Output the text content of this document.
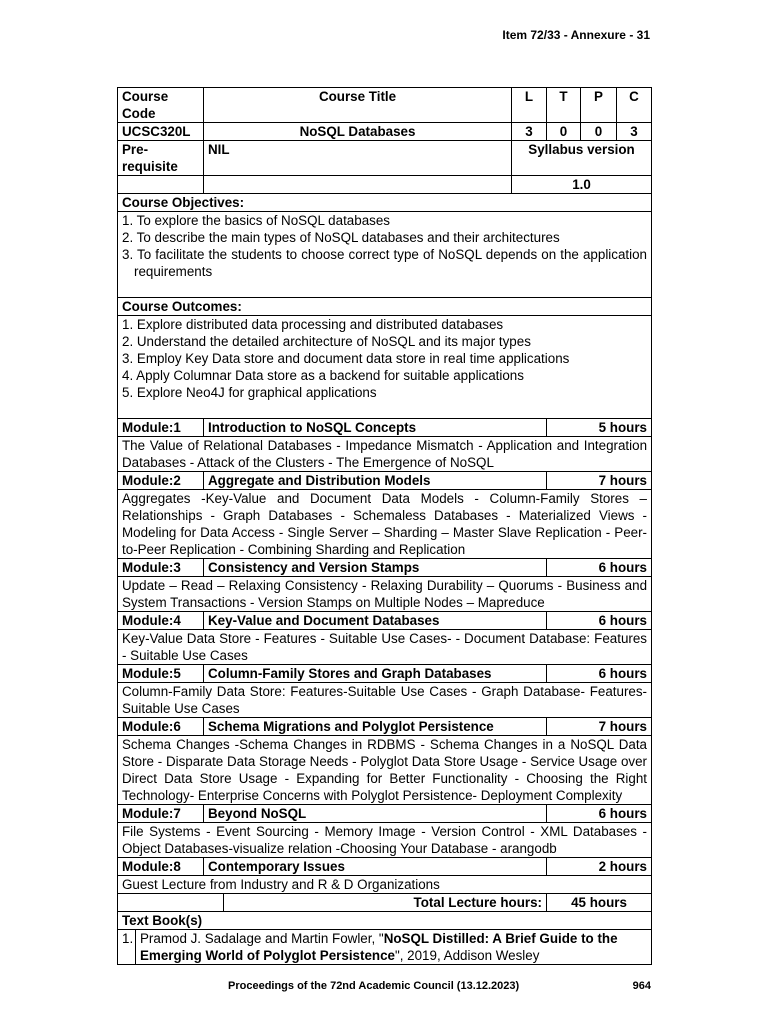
Item 72/33 - Annexure - 31
Course Code		Course Title		L	T	P	C
UCSC320L		NoSQL Databases		3	0	0	3
Pre-requisite		NIL		Syllabus version			
				1.0			
Course Objectives:							

1. To explore the basics of NoSQL databases
2. To describe the main types of NoSQL databases and their architectures
3. To facilitate the students to choose correct type of NoSQL depends on the application requirements							

Course Outcomes:							

1. Explore distributed data processing and distributed databases
2. Understand the detailed architecture of NoSQL and its major types
3. Employ Key Data store and document data store in real time applications
4. Apply Columnar Data store as a backend for suitable applications
5. Explore Neo4J for graphical applications							

Module:1		Introduction to NoSQL Concepts			5 hours		
The Value of Relational Databases - Impedance Mismatch - Application and Integration Databases - Attack of the Clusters - The Emergence of NoSQL							
Module:2		Aggregate and Distribution Models			7 hours		
Aggregates -Key-Value and Document Data Models - Column-Family Stores – Relationships - Graph Databases - Schemaless Databases - Materialized Views - Modeling for Data Access - Single Server – Sharding – Master Slave Replication - Peer-to-Peer Replication - Combining Sharding and Replication							
Module:3		Consistency and Version Stamps			6 hours		
Update – Read – Relaxing Consistency - Relaxing Durability – Quorums - Business and System Transactions - Version Stamps on Multiple Nodes – Mapreduce							
Module:4		Key-Value and Document Databases			6 hours		
Key-Value Data Store - Features - Suitable Use Cases- - Document Database: Features - Suitable Use Cases							
Module:5		Column-Family Stores and Graph Databases			6 hours		
Column-Family Data Store: Features-Suitable Use Cases - Graph Database- Features- Suitable Use Cases							
Module:6		Schema Migrations and Polyglot Persistence			7 hours		
Schema Changes -Schema Changes in RDBMS - Schema Changes in a NoSQL Data Store - Disparate Data Storage Needs - Polyglot Data Store Usage - Service Usage over Direct Data Store Usage - Expanding for Better Functionality - Choosing the Right Technology- Enterprise Concerns with Polyglot Persistence- Deployment Complexity							
Module:7		Beyond NoSQL			6 hours		
File Systems - Event Sourcing - Memory Image - Version Control - XML Databases - Object Databases-visualize relation -Choosing Your Database - arangodb							
Module:8		Contemporary Issues			2 hours		
Guest Lecture from Industry and R & D Organizations							
			Total Lecture hours:		45 hours		
Text Book(s)							
1.	Pramod J. Sadalage and Martin Fowler, "NoSQL Distilled: A Brief Guide to the Emerging World of Polyglot Persistence", 2019, Addison Wesley						
Proceedings of the 72nd Academic Council (13.12.2023)	964
